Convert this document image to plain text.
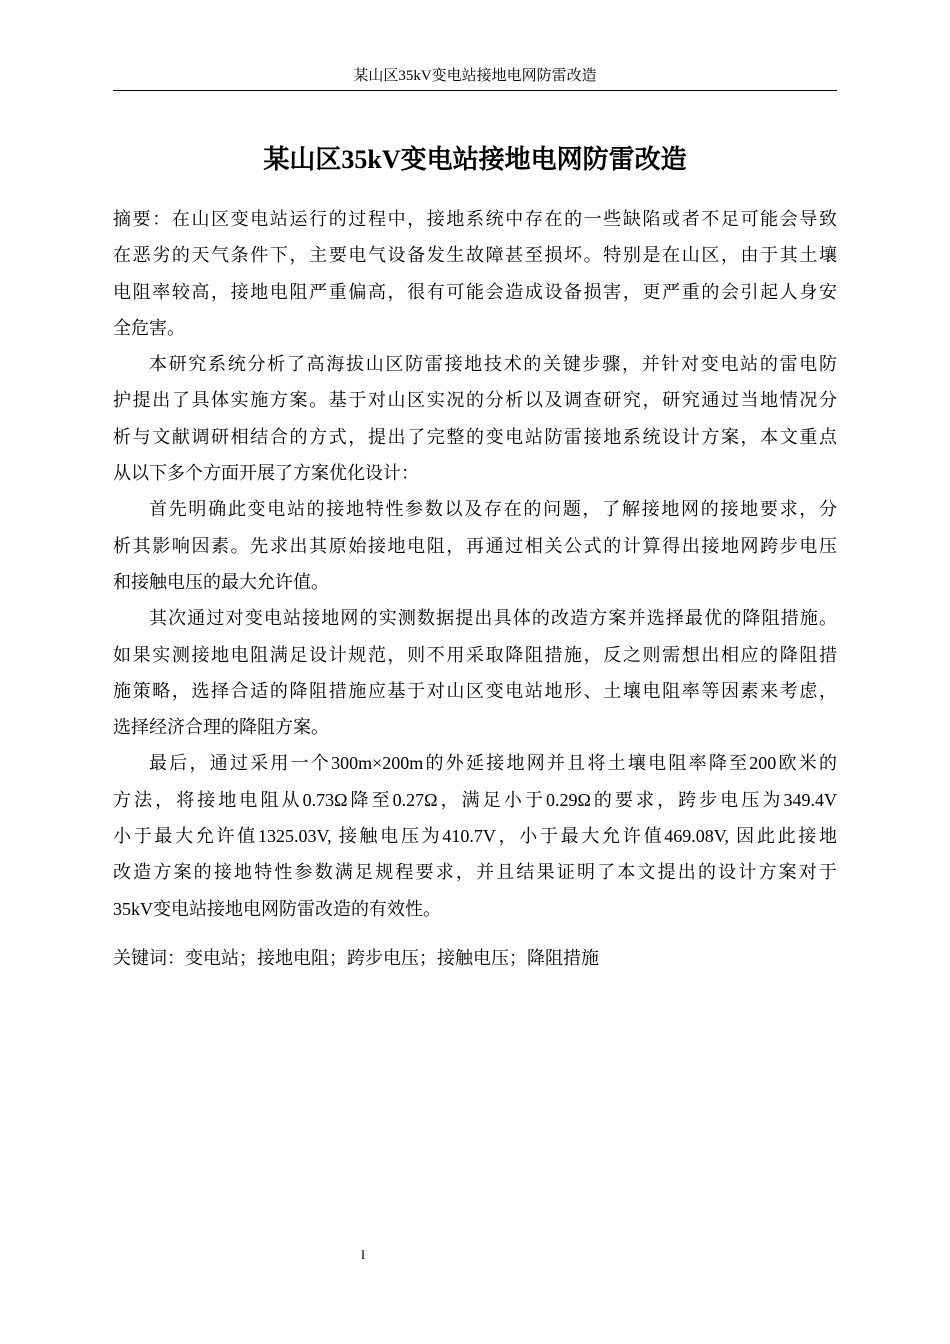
某山区35kV变电站接地电网防雷改造
某山区35kV变电站接地电网防雷改造
摘要：在山区变电站运行的过程中，接地系统中存在的一些缺陷或者不足可能会导致
在恶劣的天气条件下，主要电气设备发生故障甚至损坏。特别是在山区，由于其土壤
电阻率较高，接地电阻严重偏高，很有可能会造成设备损害，更严重的会引起人身安
全危害。
本研究系统分析了高海拔山区防雷接地技术的关键步骤，并针对变电站的雷电防
护提出了具体实施方案。基于对山区实况的分析以及调查研究，研究通过当地情况分
析与文献调研相结合的方式，提出了完整的变电站防雷接地系统设计方案，本文重点
从以下多个方面开展了方案优化设计：
首先明确此变电站的接地特性参数以及存在的问题，了解接地网的接地要求，分
析其影响因素。先求出其原始接地电阻，再通过相关公式的计算得出接地网跨步电压
和接触电压的最大允许值。
其次通过对变电站接地网的实测数据提出具体的改造方案并选择最优的降阻措施。
如果实测接地电阻满足设计规范，则不用采取降阻措施，反之则需想出相应的降阻措
施策略，选择合适的降阻措施应基于对山区变电站地形、土壤电阻率等因素来考虑，
选择经济合理的降阻方案。
最后，通过采用一个300m×200m的外延接地网并且将土壤电阻率降至200欧米的
方法，将接地电阻从0.73Ω降至0.27Ω，满足小于0.29Ω的要求，跨步电压为349.4V
小于最大允许值1325.03V, 接触电压为410.7V，小于最大允许值469.08V, 因此此接地
改造方案的接地特性参数满足规程要求，并且结果证明了本文提出的设计方案对于
35kV变电站接地电网防雷改造的有效性。
关键词：变电站；接地电阻；跨步电压；接触电压；降阻措施
I
